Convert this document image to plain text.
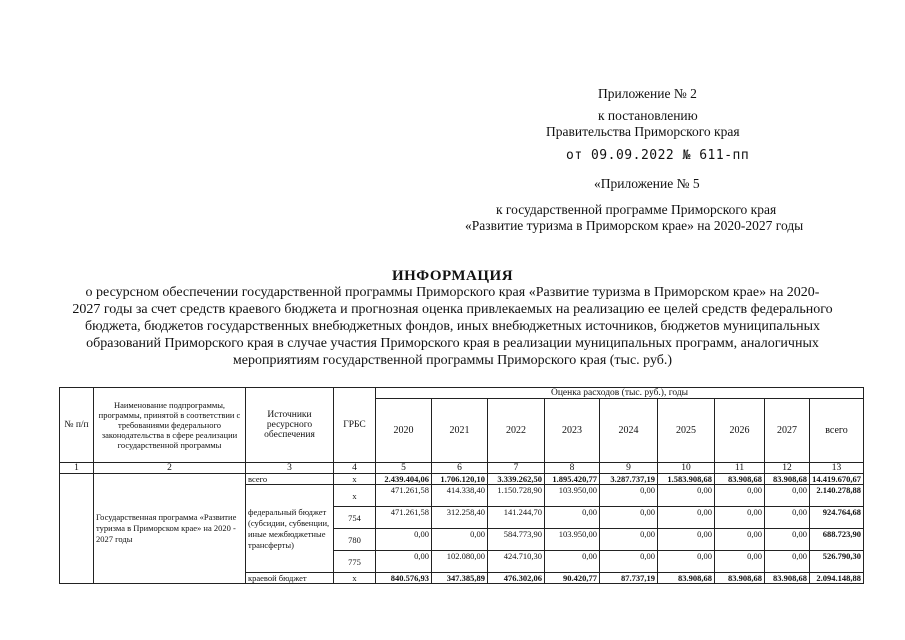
Приложение № 2
к постановлению
Правительства Приморского края
от 09.09.2022 № 611-пп
«Приложение № 5
к государственной программе Приморского края
«Развитие туризма в Приморском крае» на 2020-2027 годы
ИНФОРМАЦИЯ
о ресурсном обеспечении государственной программы Приморского края «Развитие туризма в Приморском крае» на 2020-
2027 годы за счет средств краевого бюджета и прогнозная оценка привлекаемых на реализацию ее целей средств федерального
бюджета, бюджетов государственных внебюджетных фондов, иных внебюджетных источников, бюджетов муниципальных
образований Приморского края в случае участия Приморского края в реализации муниципальных программ, аналогичных
мероприятиям государственной программы Приморского края (тыс. руб.)
№ п/п	Наименование подпрограммы, программы, принятой в соответствии с требованиями федерального законодательства в сфере реализации государственной программы	Источники ресурсного обеспечения	ГРБС	Оценка расходов (тыс. руб.), годы								
				2020	2021	2022	2023	2024	2025	2026	2027	всего
1	2	3	4	5	6	7	8	9	10	11	12	13
	Государственная программа «Развитие туризма в Приморском крае» на 2020 - 2027 годы	всего	x	2.439.404,06	1.706.120,10	3.339.262,50	1.895.420,77	3.287.737,19	1.583.908,68	83.908,68	83.908,68	14.419.670,67
		федеральный бюджет (субсидии, субвенции, иные межбюджетные трансферты)	x	471.261,58	414.338,40	1.150.728,90	103.950,00	0,00	0,00	0,00	0,00	2.140.278,88
			754	471.261,58	312.258,40	141.244,70	0,00	0,00	0,00	0,00	0,00	924.764,68
			780	0,00	0,00	584.773,90	103.950,00	0,00	0,00	0,00	0,00	688.723,90
			775	0,00	102.080,00	424.710,30	0,00	0,00	0,00	0,00	0,00	526.790,30
		краевой бюджет	x	840.576,93	347.385,89	476.302,06	90.420,77	87.737,19	83.908,68	83.908,68	83.908,68	2.094.148,88
